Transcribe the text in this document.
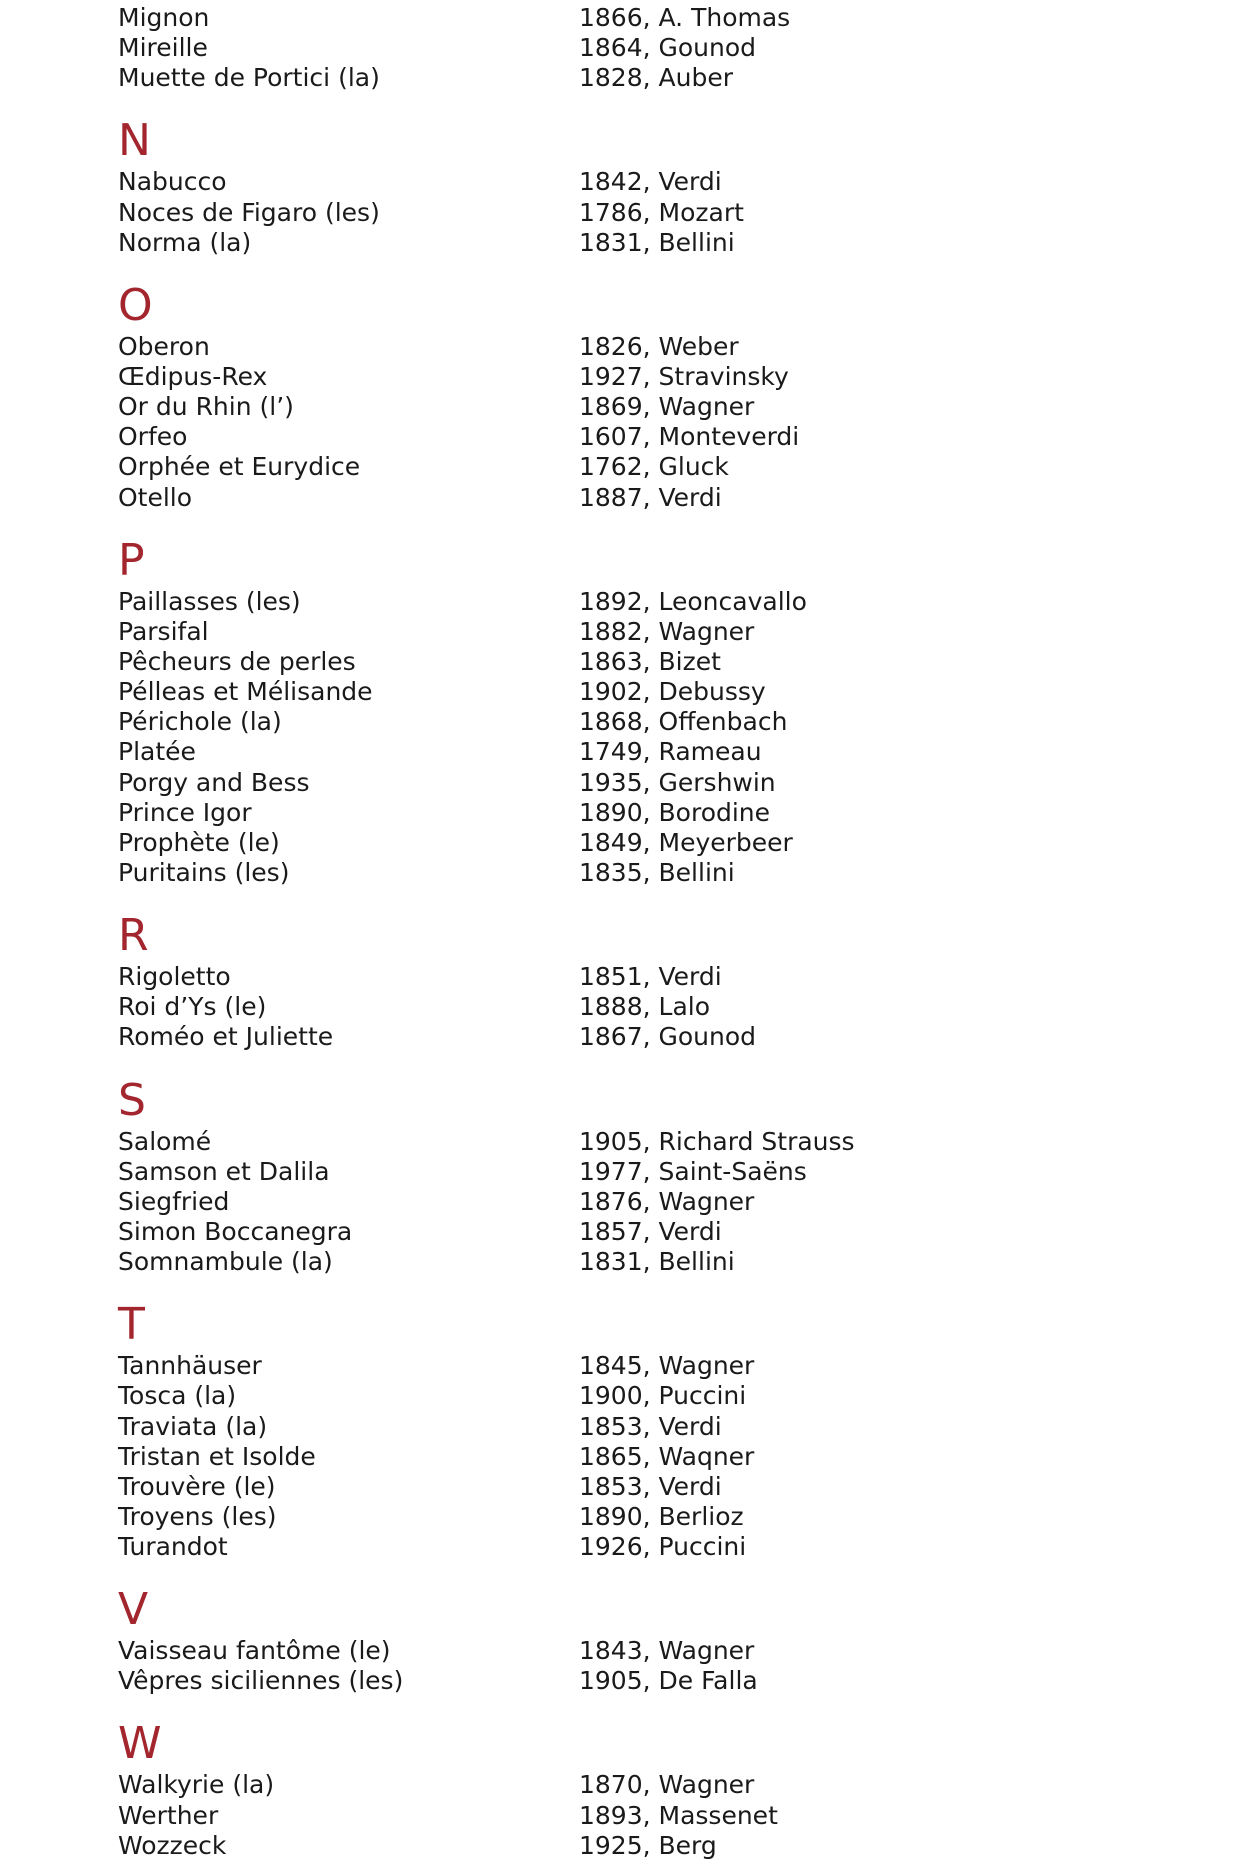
Mignon	1866, A. Thomas
Mireille	1864, Gounod
Muette de Portici (la)	1828, Auber
N
Nabucco	1842, Verdi
Noces de Figaro (les)	1786, Mozart
Norma (la)	1831, Bellini
O
Oberon	1826, Weber
Œdipus-Rex	1927, Stravinsky
Or du Rhin (l’)	1869, Wagner
Orfeo	1607, Monteverdi
Orphée et Eurydice	1762, Gluck
Otello	1887, Verdi
P
Paillasses (les)	1892, Leoncavallo
Parsifal	1882, Wagner
Pêcheurs de perles	1863, Bizet
Pélleas et Mélisande	1902, Debussy
Périchole (la)	1868, Offenbach
Platée	1749, Rameau
Porgy and Bess	1935, Gershwin
Prince Igor	1890, Borodine
Prophète (le)	1849, Meyerbeer
Puritains (les)	1835, Bellini
R
Rigoletto	1851, Verdi
Roi d’Ys (le)	1888, Lalo
Roméo et Juliette	1867, Gounod
S
Salomé	1905, Richard Strauss
Samson et Dalila	1977, Saint-Saëns
Siegfried	1876, Wagner
Simon Boccanegra	1857, Verdi
Somnambule (la)	1831, Bellini
T
Tannhäuser	1845, Wagner
Tosca (la)	1900, Puccini
Traviata (la)	1853, Verdi
Tristan et Isolde	1865, Waqner
Trouvère (le)	1853, Verdi
Troyens (les)	1890, Berlioz
Turandot	1926, Puccini
V
Vaisseau fantôme (le)	1843, Wagner
Vêpres siciliennes (les)	1905, De Falla
W
Walkyrie (la)	1870, Wagner
Werther	1893, Massenet
Wozzeck	1925, Berg
